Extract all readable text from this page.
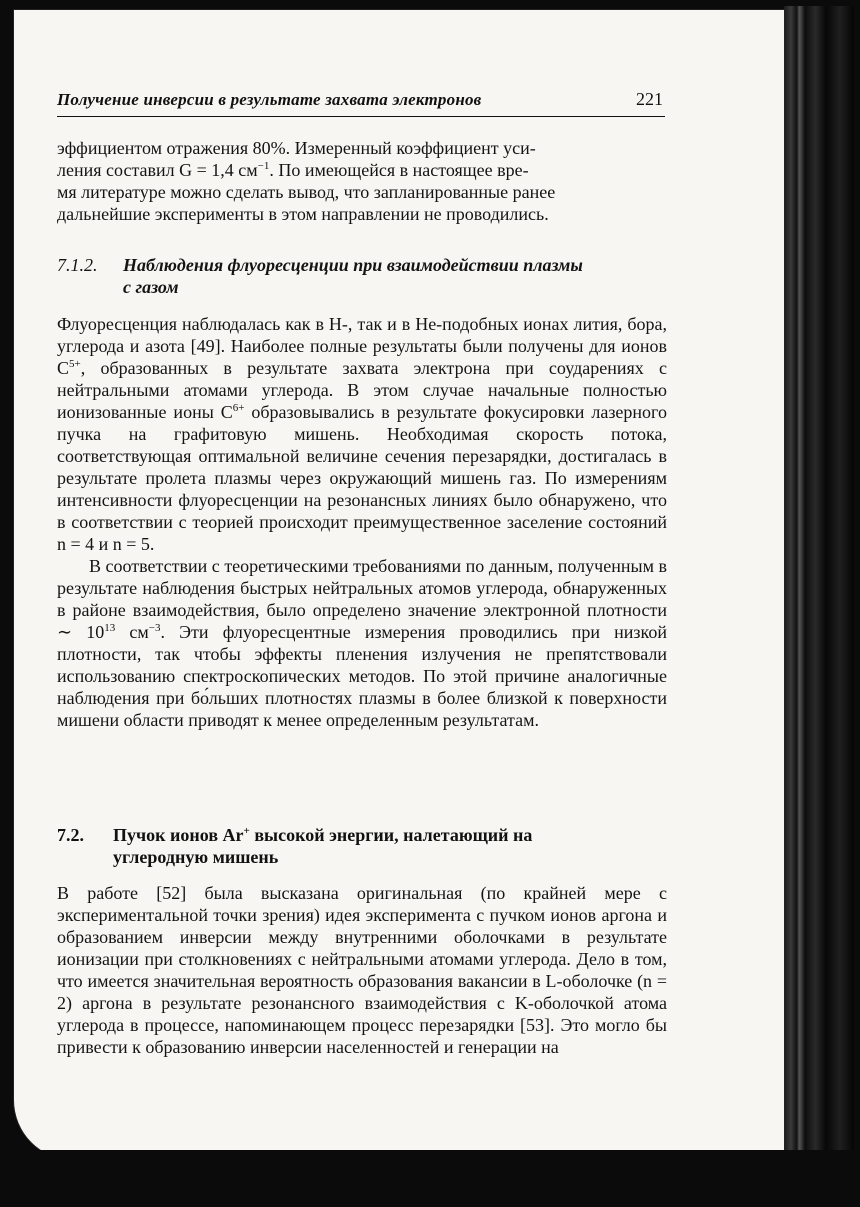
Получение инверсии в результате захвата электронов	221
эффициентом отражения 80%. Измеренный коэффициент уси-
ления составил G = 1,4 $см^{-1}$. По имеющейся в настоящее вре-
мя литературе можно сделать вывод, что запланированные ранее
дальнейшие эксперименты в этом направлении не проводились.
7.1.2. Наблюдения флуоресценции при взаимодействии плазмы
с газом

Флуоресценция наблюдалась как в H-, так и в He-подобных ионах лития, бора, углерода и азота [49]. Наиболее полные результаты были получены для ионов $C^{5+}$, образованных в результате захвата электрона при соударениях с нейтральными атомами углерода. В этом случае начальные полностью ионизованные ионы $C^{6+}$ образовывались в результате фокусировки лазерного пучка на графитовую мишень. Необходимая скорость потока, соответствующая оптимальной величине сечения перезарядки, достигалась в результате пролета плазмы через окружающий мишень газ. По измерениям интенсивности флуоресценции на резонансных линиях было обнаружено, что в соответствии с теорией происходит преимущественное заселение состояний n = 4 и n = 5.

В соответствии с теоретическими требованиями по данным, полученным в результате наблюдения быстрых нейтральных атомов углерода, обнаруженных в районе взаимодействия, было определено значение электронной плотности ∼ $10^{13}$ $см^{-3}$. Эти флуоресцентные измерения проводились при низкой плотности, так чтобы эффекты пленения излучения не препятствовали использованию спектроскопических методов. По этой причине аналогичные наблюдения при бо́льших плотностях плазмы в более близкой к поверхности мишени области приводят к менее определенным результатам.

7.2. Пучок ионов Ar+ высокой энергии, налетающий на
углеродную мишень

В работе [52] была высказана оригинальная (по крайней мере с экспериментальной точки зрения) идея эксперимента с пучком ионов аргона и образованием инверсии между внутренними оболочками в результате ионизации при столкновениях с нейтральными атомами углерода. Дело в том, что имеется значительная вероятность образования вакансии в L-оболочке (n = 2) аргона в результате резонансного взаимодействия с K-оболочкой атома углерода в процессе, напоминающем процесс перезарядки [53]. Это могло бы привести к образованию инверсии населенностей и генерации на
